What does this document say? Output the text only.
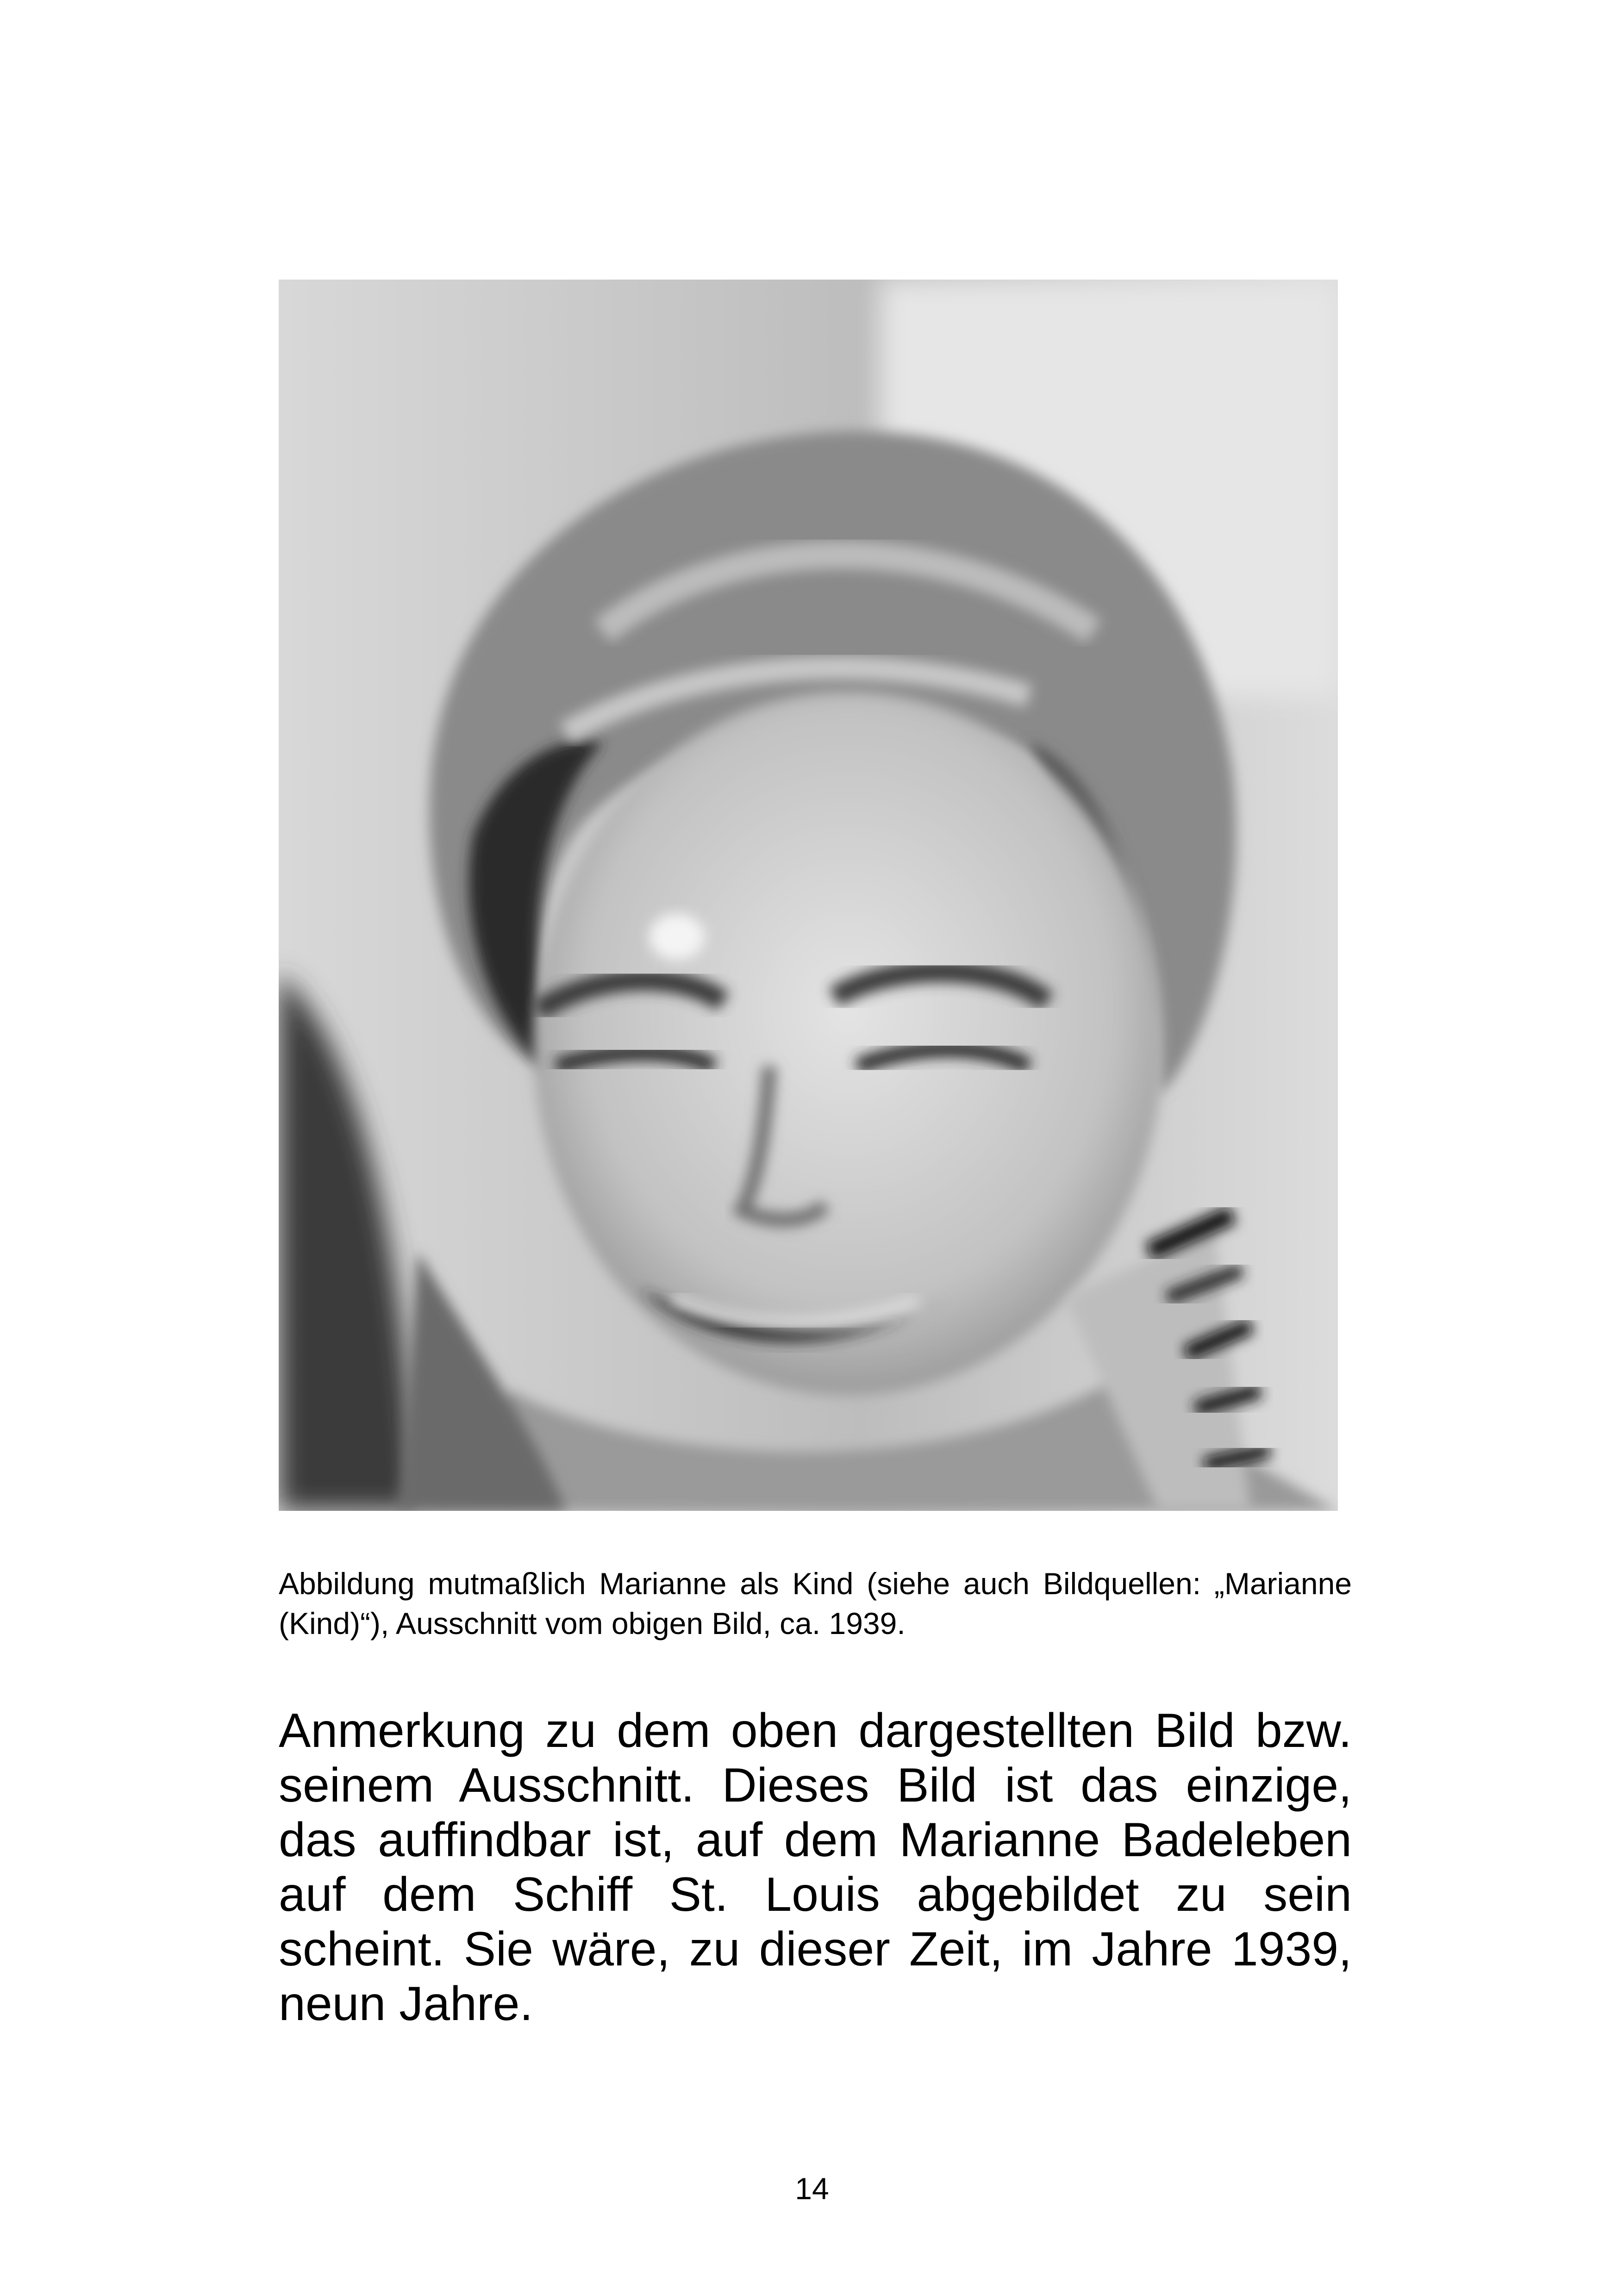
Abbildung mutmaßlich Marianne als Kind (siehe auch Bildquellen: „Marianne (Kind)“), Ausschnitt vom obigen Bild, ca. 1939.

Anmerkung zu dem oben dargestellten Bild bzw. seinem Ausschnitt. Dieses Bild ist das einzige, das auffindbar ist, auf dem Marianne Badeleben auf dem Schiff St. Louis abgebildet zu sein scheint. Sie wäre, zu dieser Zeit, im Jahre 1939, neun Jahre.

14
